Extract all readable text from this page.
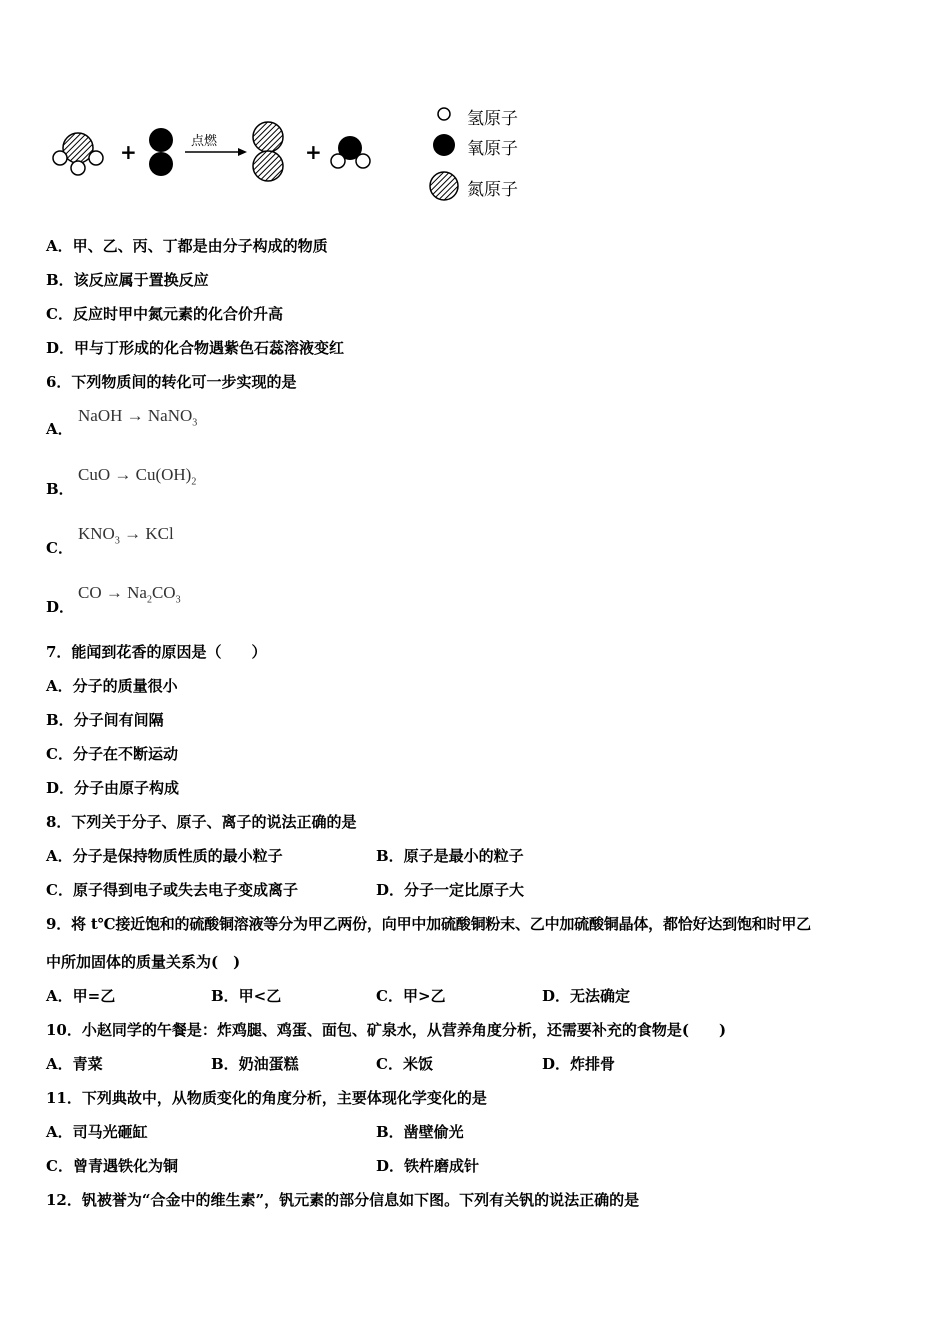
+	+
点燃
氢原子
氧原子
氮原子
A．甲、乙、丙、丁都是由分子构成的物质
B．该反应属于置换反应
C．反应时甲中氮元素的化合价升高
D．甲与丁形成的化合物遇紫色石蕊溶液变红
6．下列物质间的转化可一步实现的是
A．
NaOH → NaNO$_3$
B．
CuO → $Cu(OH)_2$
C．
$KNO_3$ → KCl
D．
CO → $Na_2CO_3$
7．能闻到花香的原因是（　　）
A．分子的质量很小
B．分子间有间隔
C．分子在不断运动
D．分子由原子构成
8．下列关于分子、原子、离子的说法正确的是
A．分子是保持物质性质的最小粒子	B．原子是最小的粒子
C．原子得到电子或失去电子变成离子	D．分子一定比原子大
9．将 t℃接近饱和的硫酸铜溶液等分为甲乙两份，向甲中加硫酸铜粉末、乙中加硫酸铜晶体，都恰好达到饱和时甲乙
中所加固体的质量关系为(　)
A．甲=乙	B．甲<乙	C．甲>乙	D．无法确定
10．小赵同学的午餐是：炸鸡腿、鸡蛋、面包、矿泉水，从营养角度分析，还需要补充的食物是(　　)
A．青菜	B．奶油蛋糕	C．米饭	D．炸排骨
11．下列典故中，从物质变化的角度分析，主要体现化学变化的是
A．司马光砸缸	B．凿壁偷光
C．曾青遇铁化为铜	D．铁杵磨成针
12．钒被誉为“合金中的维生素”，钒元素的部分信息如下图。下列有关钒的说法正确的是
